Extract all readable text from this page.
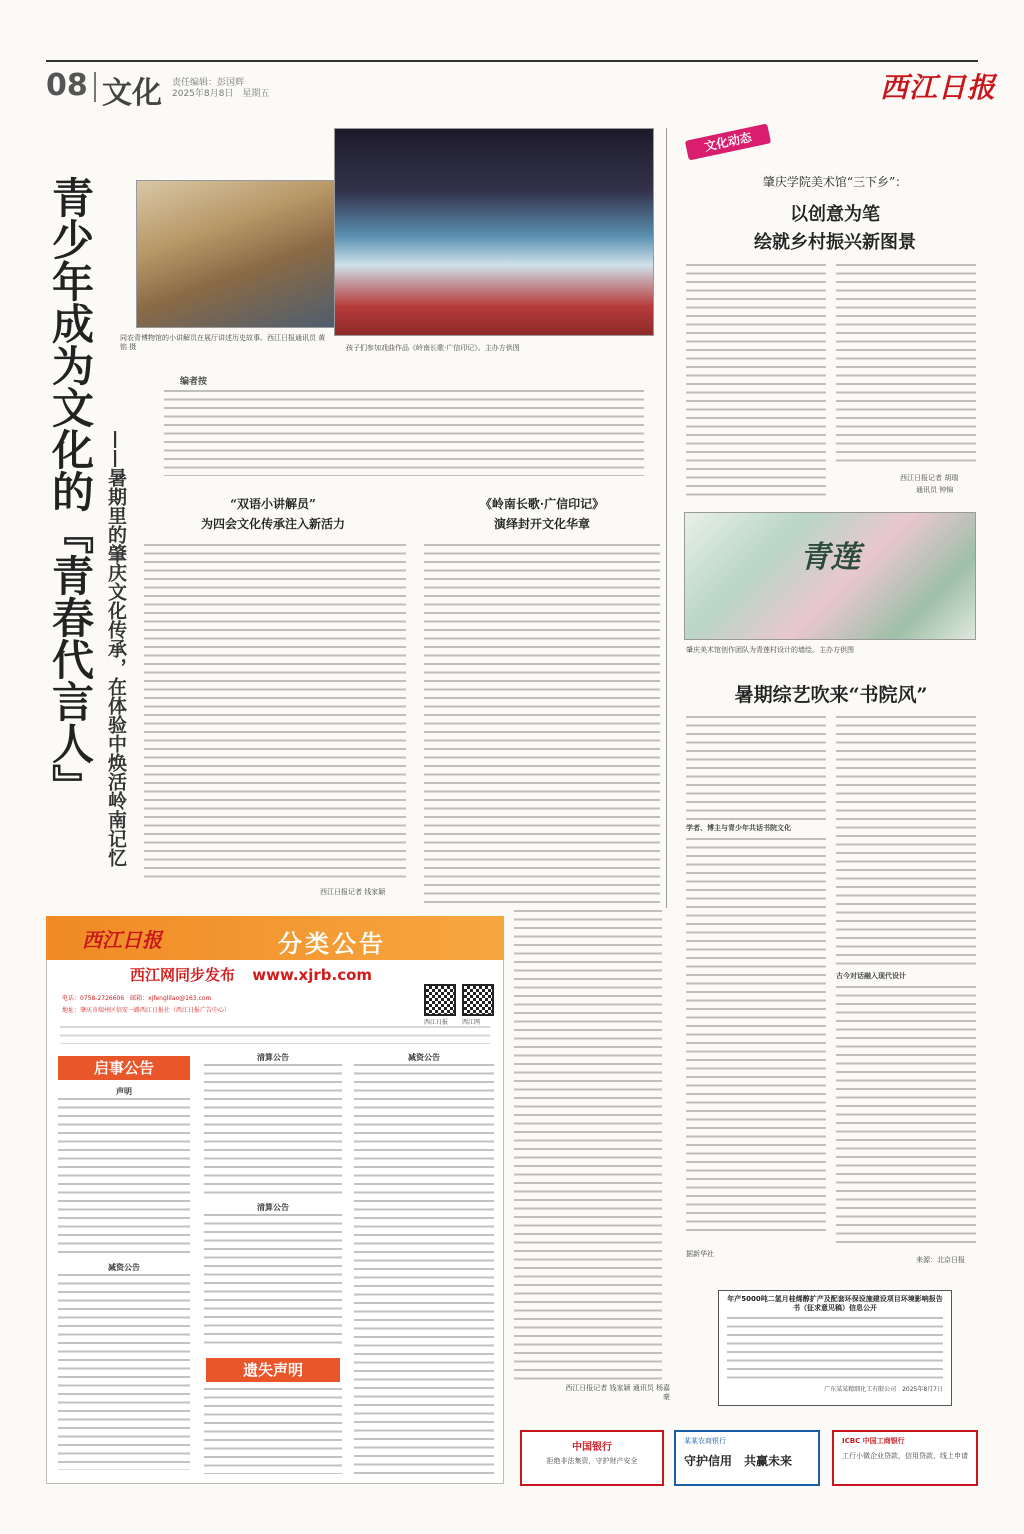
08 文化 责任编辑：彭国辉
2025年8月8日　星期五	西江日报
青少年成为文化的『青春代言人』 ——暑期里的肇庆文化传承，在体验中焕活岭南记忆
同农青博物馆的小讲解员在展厅讲述历史故事。西江日报通讯员 黄铭 摄	孩子们参加戏曲作品《岭南长歌·广信印记》。主办方供图
编者按
“双语小讲解员”
为四会文化传承注入新活力
西江日报记者 钱家颖
《岭南长歌·广信印记》
演绎封开文化华章
西江日报记者 钱家颖 通讯员 杨嘉豪
文化动态
肇庆学院美术馆“三下乡”：
以创意为笔
绘就乡村振兴新图景
西江日报记者 胡瑞
通讯员 钟锦
青莲
肇庆美术馆创作团队为青莲村设计的墙绘。主办方供图
暑期综艺吹来“书院风”
学者、博主与青少年共话书院文化
古今对话融入现代设计
据新华社
来源：北京日报
年产5000吨二氢月桂烯醇扩产及配套环保设施建设项目环境影响报告书（征求意见稿）信息公开
广东某某精细化工有限公司　2025年8月7日
西江日报	分类公告
西江网同步发布 www.xjrb.com
电话：0758-2726606　邮箱：xjfenglilao@163.com
地址：肇庆市端州区信安一路西江日报社（西江日报广告中心）
西江日报 西江网
启事公告
声明
减资公告
清算公告
清算公告
遗失声明
减资公告
中国银行
拒绝非法集资，守护财产安全
某某农商银行
守护信用　共赢未来
ICBC 中国工商银行
工行小微企业贷款，信用贷款，线上申请
